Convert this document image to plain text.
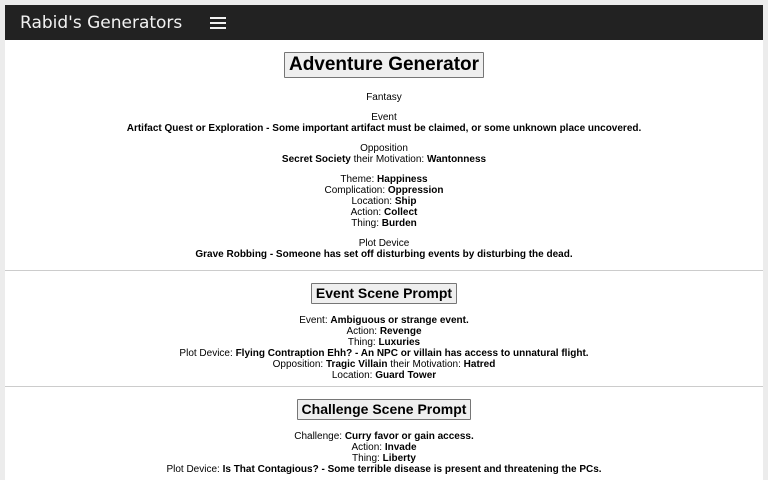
Rabid's Generators
Adventure Generator
Fantasy
Event
Artifact Quest or Exploration - Some important artifact must be claimed, or some unknown place uncovered.
Opposition
Secret Society their Motivation: Wantonness
Theme: Happiness
Complication: Oppression
Location: Ship
Action: Collect
Thing: Burden
Plot Device
Grave Robbing - Someone has set off disturbing events by disturbing the dead.
Event Scene Prompt
Event: Ambiguous or strange event.
Action: Revenge
Thing: Luxuries
Plot Device: Flying Contraption Ehh? - An NPC or villain has access to unnatural flight.
Opposition: Tragic Villain their Motivation: Hatred
Location: Guard Tower
Challenge Scene Prompt
Challenge: Curry favor or gain access.
Action: Invade
Thing: Liberty
Plot Device: Is That Contagious? - Some terrible disease is present and threatening the PCs.
